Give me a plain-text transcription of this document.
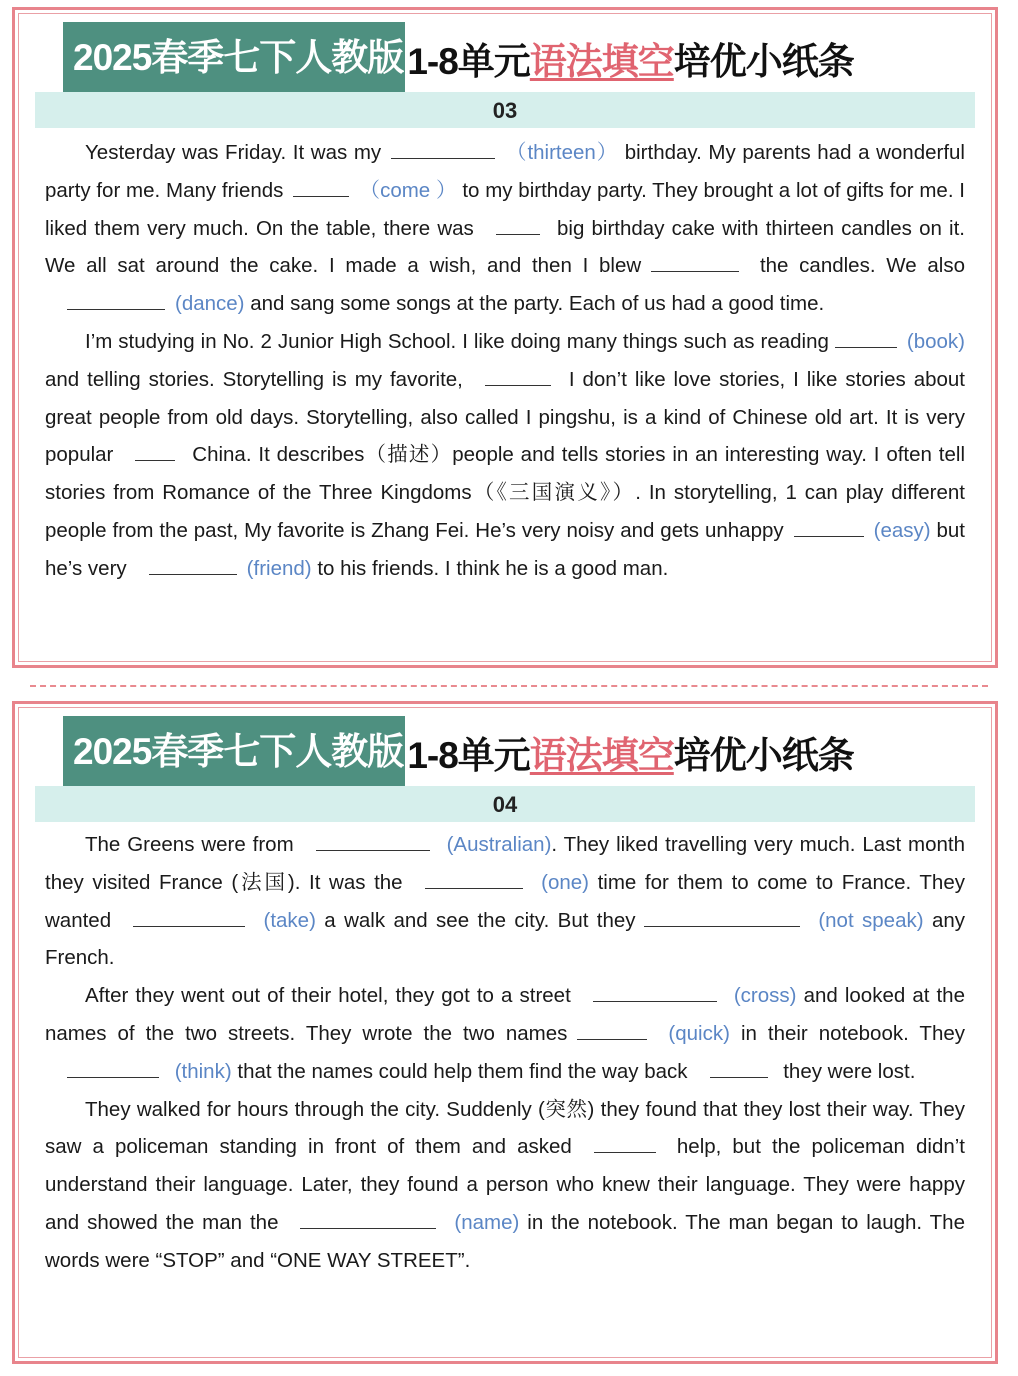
2025春季七下人教版 1-8单元语法填空培优小纸条
03

Yesterday was Friday. It was my	（thirteen） birthday. My parents had a wonderful party for me. Many friends	（come ） to my birthday party. They brought a lot of gifts for me. I liked them very much. On the table, there was	big birthday cake with thirteen candles on it. We all sat around the cake. I made a wish, and then I blew	the candles. We also(dance) and sang some songs at the party. Each of us had a good time.

I’m studying in No. 2 Junior High School. I like doing many things such as reading	(book) and telling stories. Storytelling is my favorite,	I don’t like love stories, I like stories about great people from old days. Storytelling, also called I pingshu, is a kind of Chinese old art. It is very popular	China. It describes（描述）people and tells stories in an interesting way. I often tell stories from Romance of the Three Kingdoms（《三国演义》）. In storytelling, 1 can play different people from the past, My favorite is Zhang Fei. He’s very noisy and gets unhappy	(easy) but he’s very	(friend) to his friends. I think he is a good man.

2025春季七下人教版 1-8单元语法填空培优小纸条
04

The Greens were from	(Australian). They liked travelling very much. Last month they visited France (法国). It was the	(one) time for them to come to France. They wanted	(take) a walk and see the city. But they	(not speak) any French.

After they went out of their hotel, they got to a street	(cross) and looked at the names of the two streets. They wrote the two names	(quick) in their notebook. They (think) that the names could help them find the way back	they were lost.

They walked for hours through the city. Suddenly (突然) they found that they lost their way. They saw a policeman standing in front of them and asked	help, but the policeman didn’t understand their language. Later, they found a person who knew their language. They were happy and showed the man the	(name) in the notebook. The man began to laugh. The words were “STOP” and “ONE WAY STREET”.
